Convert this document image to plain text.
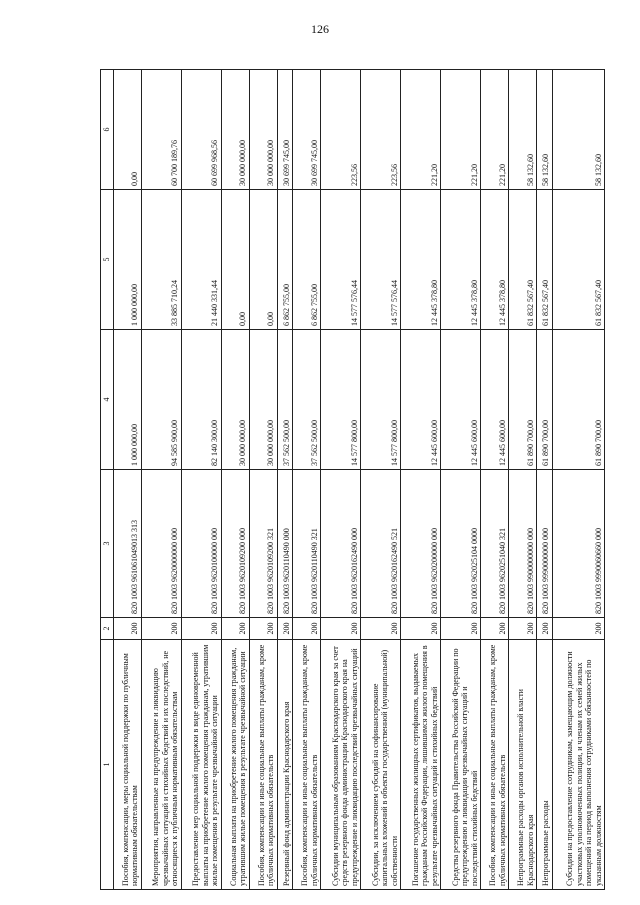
126
1	2	3	4	5	6
Пособия, компенсации, меры социальной поддержки по публичным нормативным обязательствам	200	820 1003 961061049013 313	1 000 000,00	1 000 000,00	0,00
Мероприятия, направленные на предупреждение и ликвидацию чрезвычайных ситуаций и стихийных бедствий и их последствий, не относящиеся к публичным нормативным обязательствам	200	820 1003 9620000000 000	94 585 900,00	33 885 710,24	60 700 189,76
Предоставление мер социальной поддержки в виде единовременной выплаты на приобретение жилого помещения гражданам, утратившим жилые помещения в результате чрезвычайной ситуации	200	820 1003 9620100000 000	82 140 300,00	21 440 331,44	60 699 968,56
Социальная выплата на приобретение жилого помещения гражданам, утратившим жилые помещения в результате чрезвычайной ситуации	200	820 1003 9620109200 000	30 000 000,00	0,00	30 000 000,00
Пособия, компенсации и иные социальные выплаты гражданам, кроме публичных нормативных обязательств	200	820 1003 9620109200 321	30 000 000,00	0,00	30 000 000,00
Резервный фонд администрации Краснодарского края	200	820 1003 9620110490 000	37 562 500,00	6 862 755,00	30 699 745,00
Пособия, компенсации и иные социальные выплаты гражданам, кроме публичных нормативных обязательств	200	820 1003 9620110490 321	37 562 500,00	6 862 755,00	30 699 745,00
Субсидии муниципальным образованиям Краснодарского края за счет средств резервного фонда администрации Краснодарского края на предупреждение и ликвидацию последствий чрезвычайных ситуаций	200	820 1003 9620162490 000	14 577 800,00	14 577 576,44	223,56
Субсидии, за исключением субсидий на софинансирование капитальных вложений в объекты государственной (муниципальной) собственности	200	820 1003 9620162490 521	14 577 800,00	14 577 576,44	223,56
Погашение государственных жилищных сертификатов, выдаваемых гражданам Российской Федерации, лишившимся жилого помещения в результате чрезвычайных ситуаций и стихийных бедствий	200	820 1003 9620200000 000	12 445 600,00	12 445 378,80	221,20
Средства резервного фонда Правительства Российской Федерации по предупреждению и ликвидации чрезвычайных ситуаций и последствий стихийных бедствий	200	820 1003 962025104 0000	12 445 600,00	12 445 378,80	221,20
Пособия, компенсации и иные социальные выплаты гражданам, кроме публичных нормативных обязательств	200	820 1003 9620251040 321	12 445 600,00	12 445 378,80	221,20
Непрограммные расходы органов исполнительной власти Краснодарского края	200	820 1003 9900000000 000	61 890 700,00	61 832 567,40	58 132,60
Непрограммные расходы	200	820 1003 9990000000 000	61 890 700,00	61 832 567,40	58 132,60
Субсидии на предоставление сотрудникам, замещающим должности участковых уполномоченных полиции, и членам их семей жилых помещений на период выполнения сотрудниками обязанностей по указанным должностям	200	820 1003 9990060660 000	61 890 700,00	61 832 567,40	58 132,60
